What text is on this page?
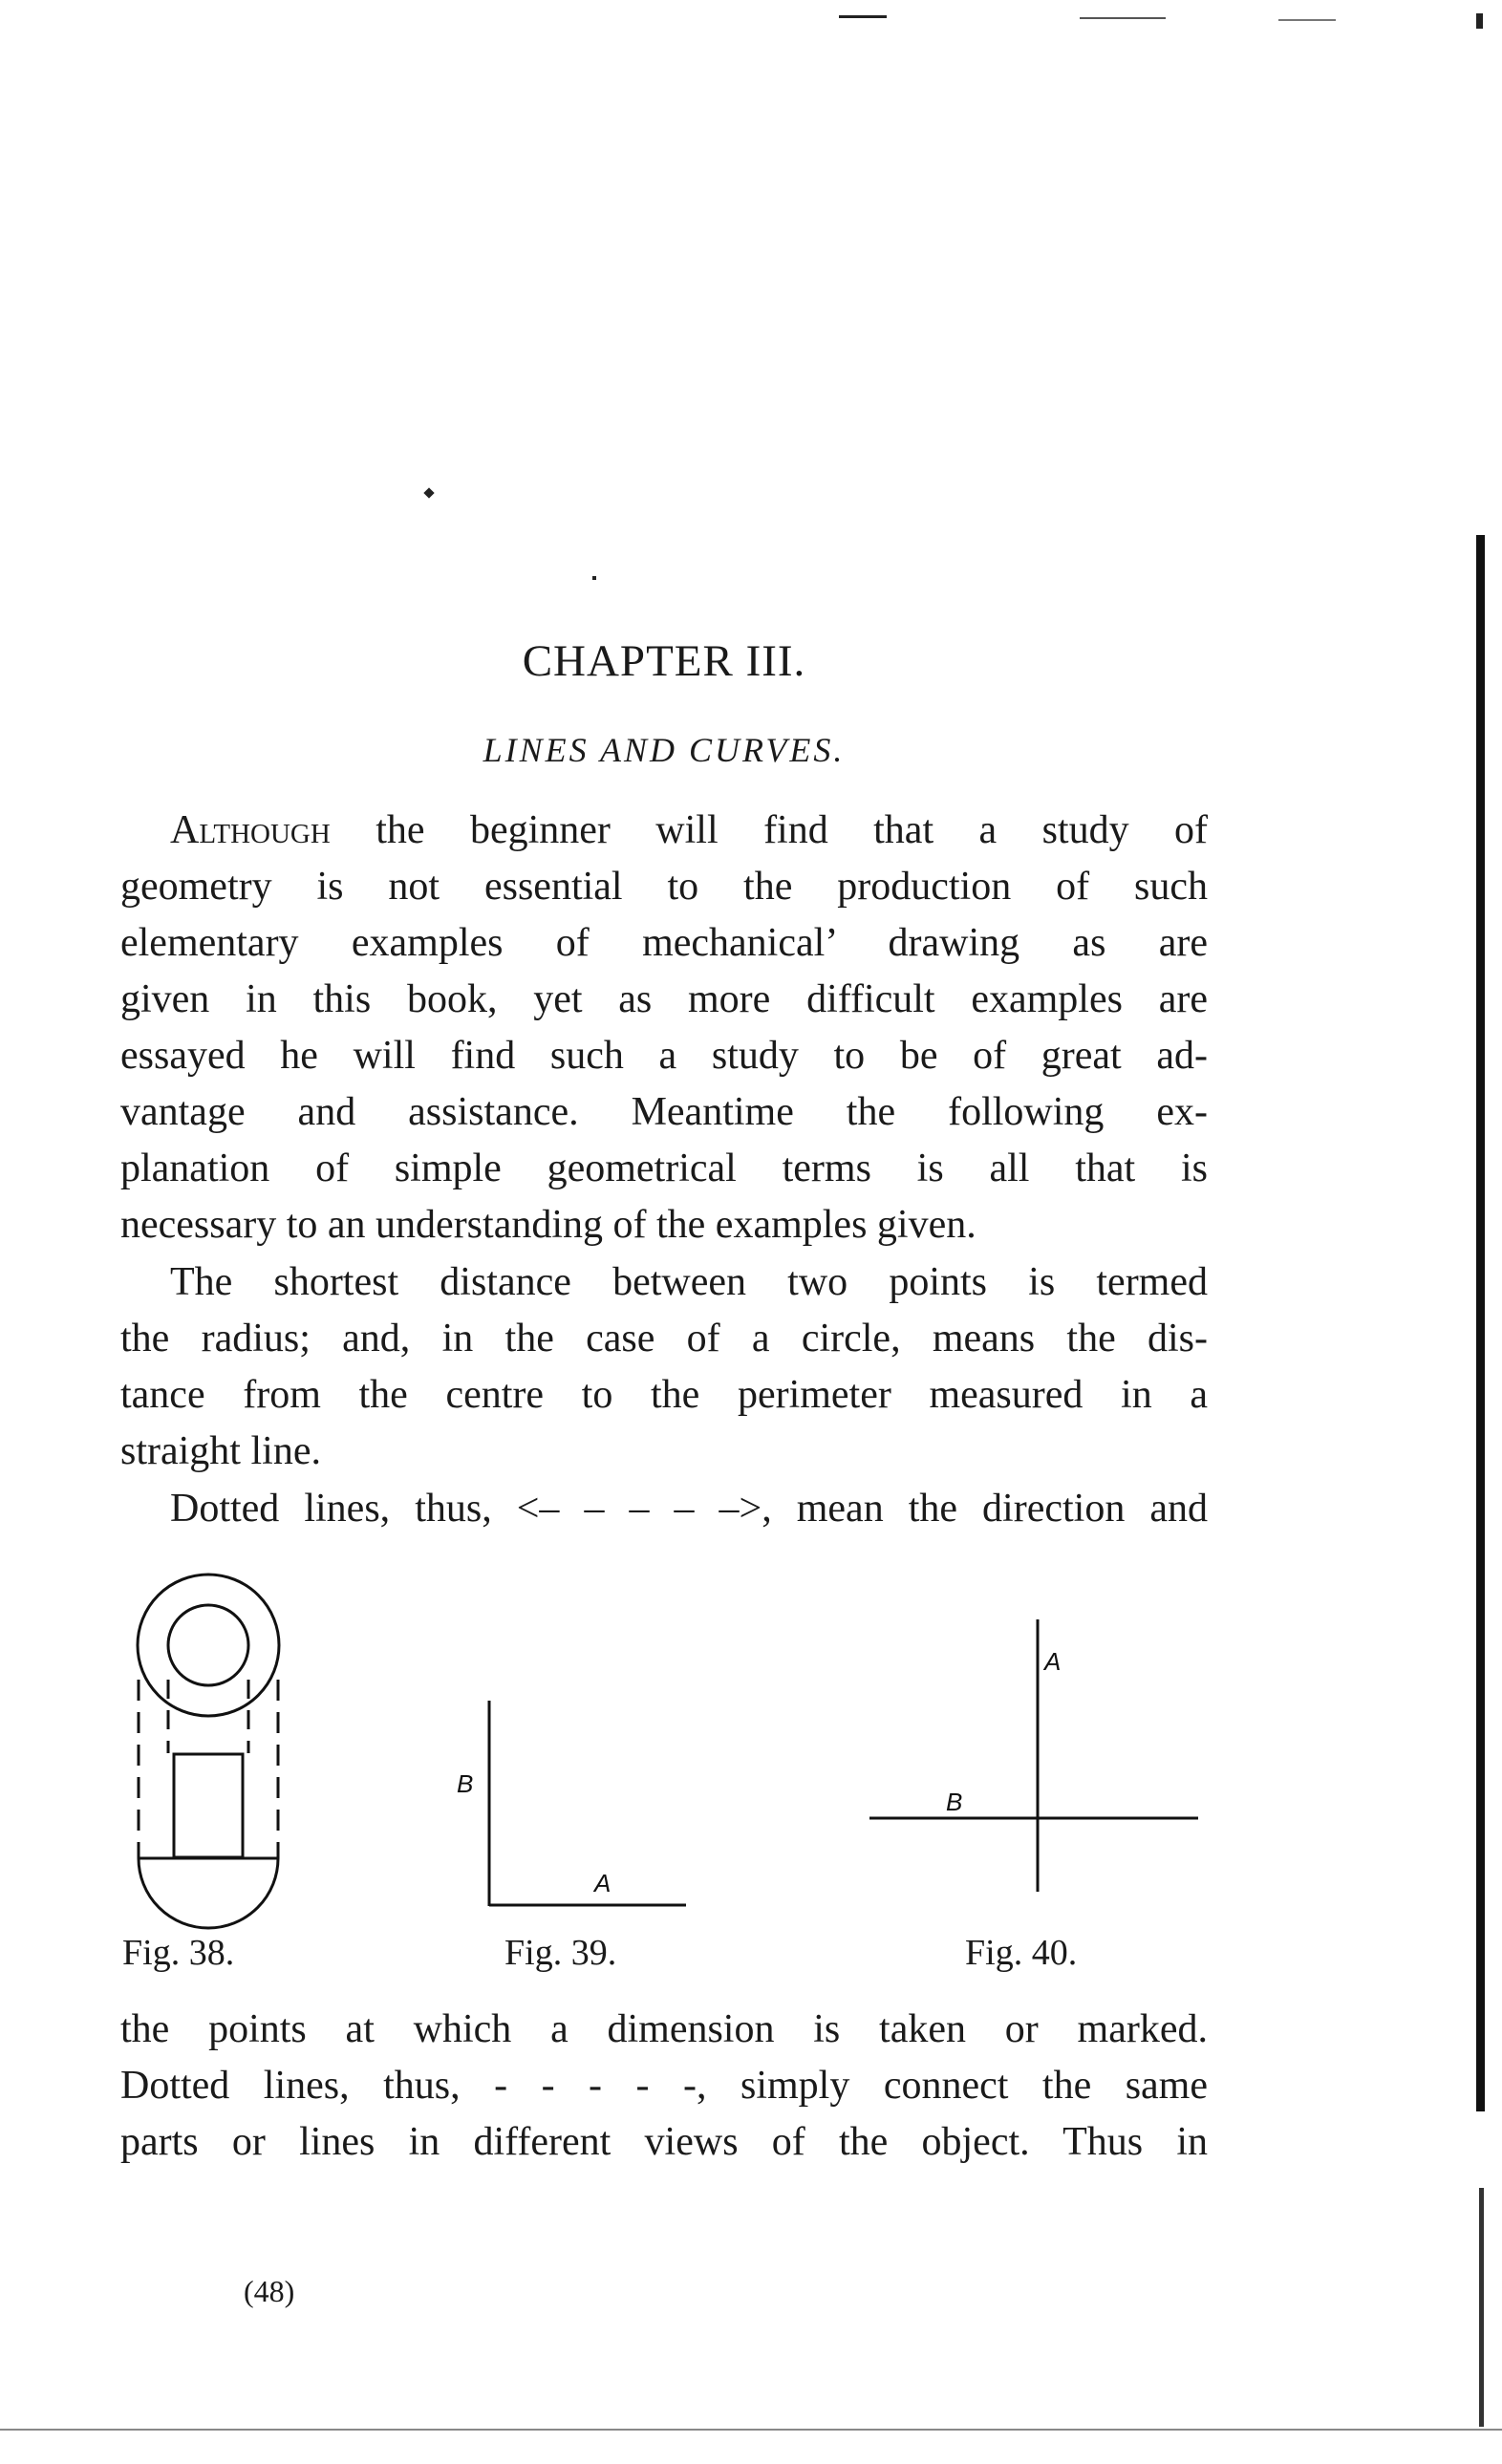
CHAPTER III.
LINES AND CURVES.
Although the beginner will find that a study of
geometry is not essential to the production of such
elementary examples of mechanical’ drawing as are
given in this book, yet as more difficult examples are
essayed he will find such a study to be of great ad-
vantage and assistance. Meantime the following ex-
planation of simple geometrical terms is all that is
necessary to an understanding of the examples given.
The shortest distance between two points is termed
the radius; and, in the case of a circle, means the dis-
tance from the centre to the perimeter measured in a
straight line.
Dotted lines, thus, <– – – – –>, mean the direction and
B
A
A
B
Fig. 38.	Fig. 39.	Fig. 40.
the points at which a dimension is taken or marked.
Dotted lines, thus, - - - - -, simply connect the same
parts or lines in different views of the object. Thus in
(48)
